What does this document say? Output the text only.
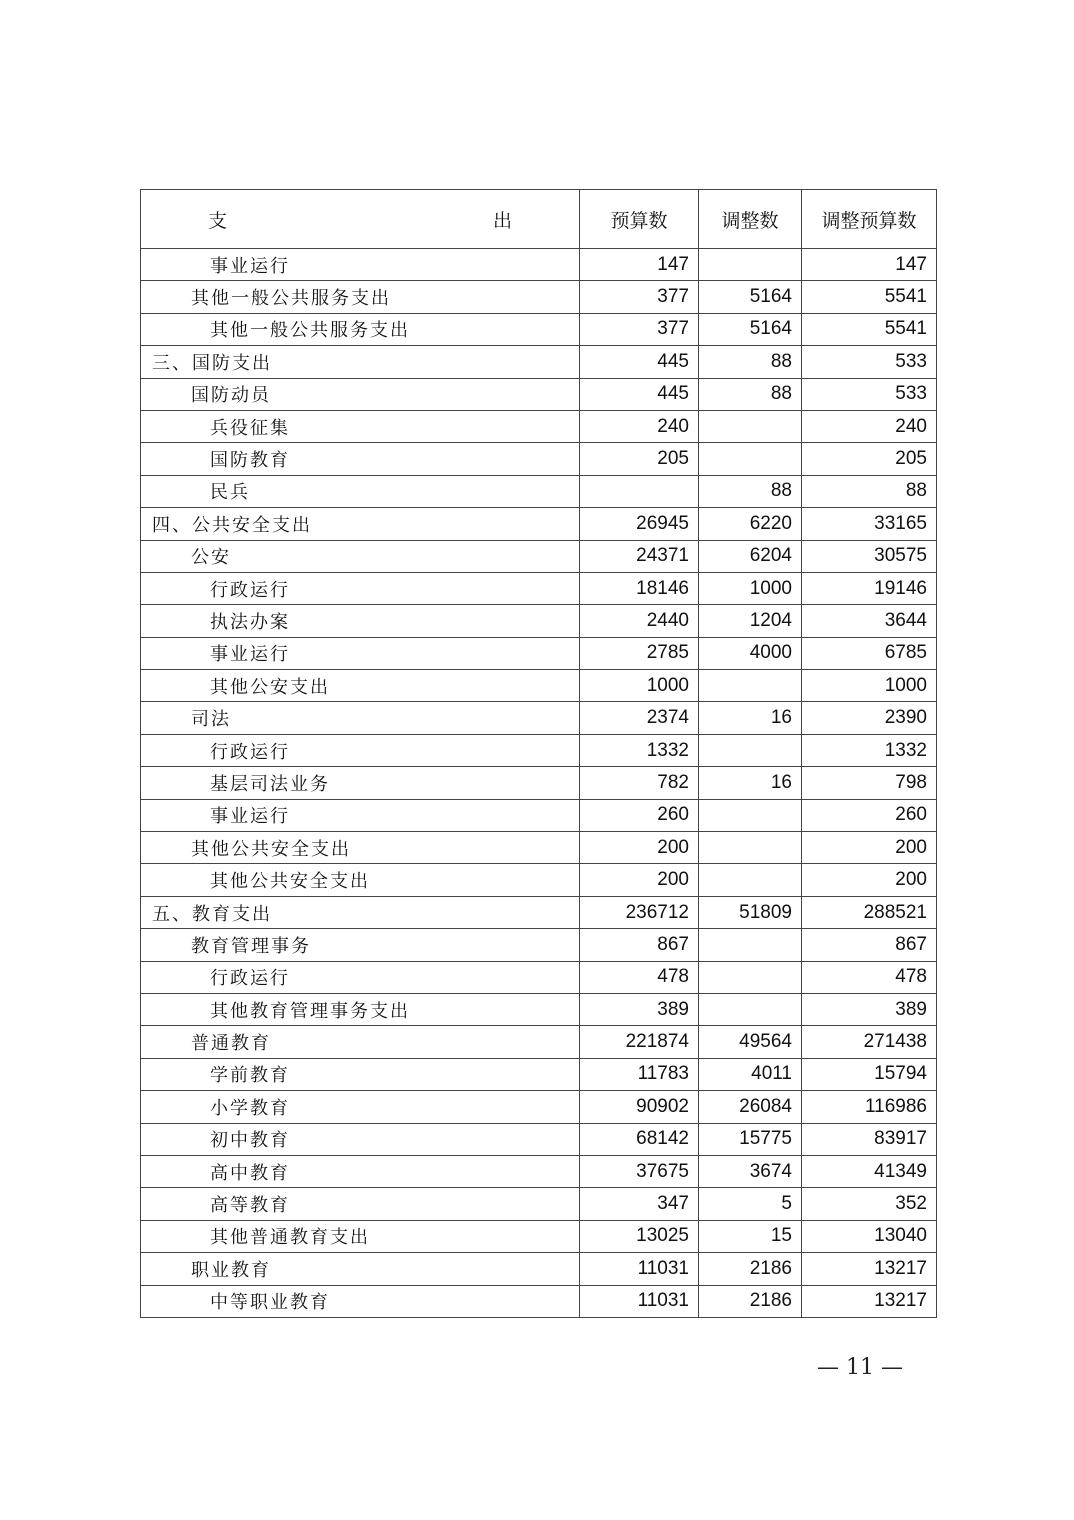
支　　出	预算数	调整数	调整预算数
事业运行	147		147
其他一般公共服务支出	377	5164	5541
其他一般公共服务支出	377	5164	5541
三、国防支出	445	88	533
国防动员	445	88	533
兵役征集	240		240
国防教育	205		205
民兵		88	88
四、公共安全支出	26945	6220	33165
公安	24371	6204	30575
行政运行	18146	1000	19146
执法办案	2440	1204	3644
事业运行	2785	4000	6785
其他公安支出	1000		1000
司法	2374	16	2390
行政运行	1332		1332
基层司法业务	782	16	798
事业运行	260		260
其他公共安全支出	200		200
其他公共安全支出	200		200
五、教育支出	236712	51809	288521
教育管理事务	867		867
行政运行	478		478
其他教育管理事务支出	389		389
普通教育	221874	49564	271438
学前教育	11783	4011	15794
小学教育	90902	26084	116986
初中教育	68142	15775	83917
高中教育	37675	3674	41349
高等教育	347	5	352
其他普通教育支出	13025	15	13040
职业教育	11031	2186	13217
中等职业教育	11031	2186	13217
— 11 —
